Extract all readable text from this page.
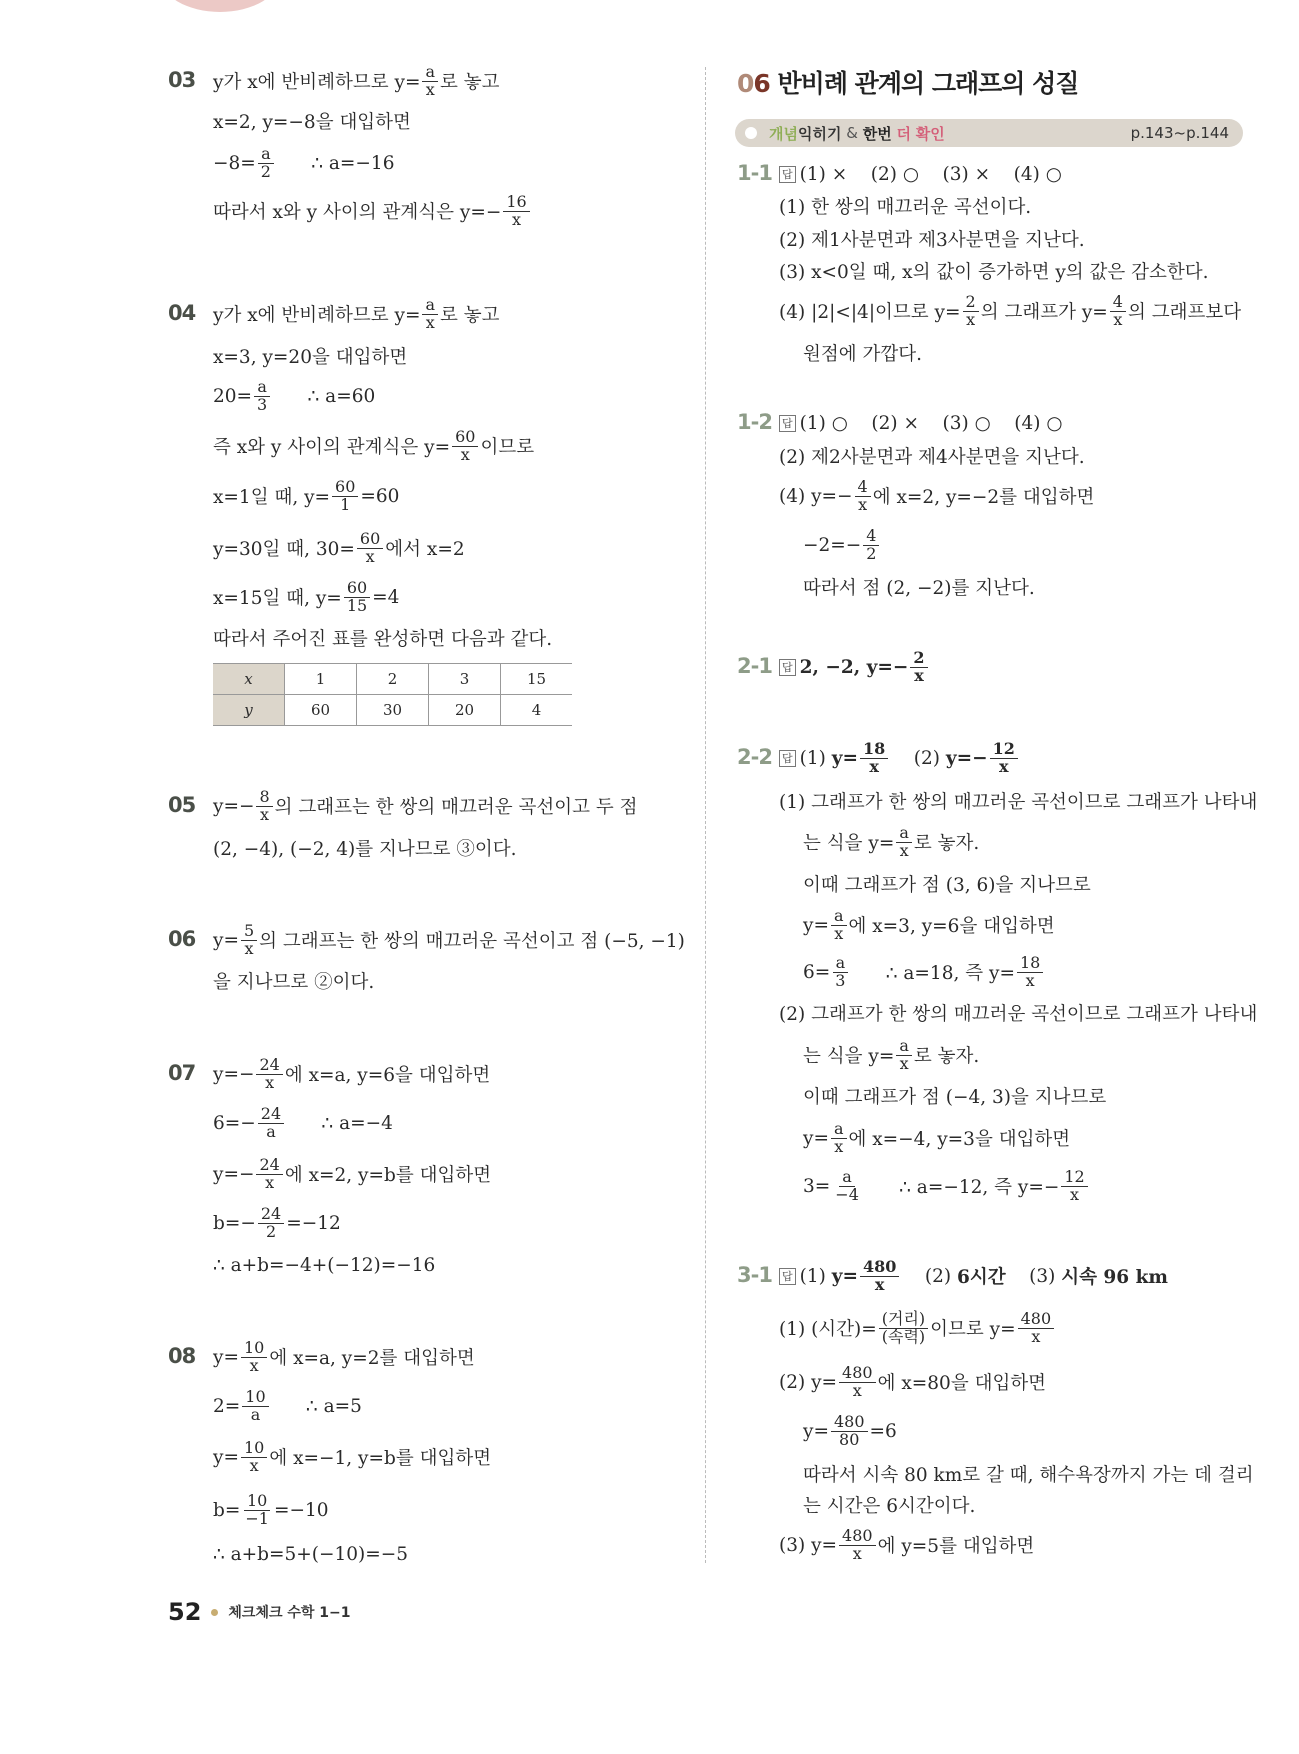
06 반비례 관계의 그래프의 성질
개념 익히기 & 한번
더
확인	p.143~p.144
03 y가 x에 반비례하므로 $y= \frac{a}{x}$ 로 놓고
x=2, y=−8을 대입하면
$-8= \frac{a}{2}$ ∴ a=−16
따라서 x와 y 사이의 관계식은 $y=- \frac{16}{x}$
04 y가 x에 반비례하므로 $y= \frac{a}{x}$ 로 놓고
x=3, y=20을 대입하면
$20= \frac{a}{3}$ ∴ a=60
즉 x와 y 사이의 관계식은 $y= \frac{60}{x}$ 이므로
x=1일 때, $y= \frac{60}{1} =60$
y=30일 때, $30= \frac{60}{x}$ 에서 x=2
x=15일 때, $y= \frac{60}{15} =4$
따라서 주어진 표를 완성하면 다음과 같다.
05 $y=- \frac{8}{x}$ 의 그래프는 한 쌍의 매끄러운 곡선이고 두 점
(2, −4), (−2, 4)를 지나므로 ③이다.
06 $y= \frac{5}{x}$ 의 그래프는 한 쌍의 매끄러운 곡선이고 점 (−5, −1)
을 지나므로 ②이다.
07 $y=- \frac{24}{x}$ 에 x=a, y=6을 대입하면
$6=- \frac{24}{a}$ ∴ a=−4
$y=- \frac{24}{x}$ 에 x=2, y=b를 대입하면
$b=- \frac{24}{2} =-12$
∴ a+b=−4+(−12)=−16
08 $y= \frac{10}{x}$ 에 x=a, y=2를 대입하면
$2= \frac{10}{a}$ ∴ a=5
$y= \frac{10}{x}$ 에 x=−1, y=b를 대입하면
$b= \frac{10}{-1} =-10$
∴ a+b=5+(−10)=−5
1-1 답 (1) ×    (2) ○    (3) ×    (4) ○
(1) 한 쌍의 매끄러운 곡선이다.
(2) 제1사분면과 제3사분면을 지난다.
(3) x<0일 때, x의 값이 증가하면 y의 값은 감소한다.
(4) |2|<|4|이므로 $y= \frac{2}{x}$ 의 그래프가 $y= \frac{4}{x}$ 의 그래프보다
원점에 가깝다.
1-2 답 (1) ○    (2) ×    (3) ○    (4) ○
(2) 제2사분면과 제4사분면을 지난다.
(4) $y=- \frac{4}{x}$ 에 x=2, y=−2를 대입하면
$-2=- \frac{4}{2}$
따라서 점 (2, −2)를 지난다.
2-1 답 2, −2, $y=- \frac{2}{x}$
2-2 답 (1) $y= \frac{18}{x} (2)$ $y=- \frac{12}{x}$
(1) 그래프가 한 쌍의 매끄러운 곡선이므로 그래프가 나타내
는 식을 $y= \frac{a}{x}$ 로 놓자.
이때 그래프가 점 (3, 6)을 지나므로
$y= \frac{a}{x}$ 에 x=3, y=6을 대입하면
$6= \frac{a}{3}$ ∴ a=18, 즉 $y= \frac{18}{x}$
(2) 그래프가 한 쌍의 매끄러운 곡선이므로 그래프가 나타내
는 식을 $y= \frac{a}{x}$ 로 놓자.
이때 그래프가 점 (−4, 3)을 지나므로
$y= \frac{a}{x}$ 에 x=−4, y=3을 대입하면
$3= \frac{a}{-4}$ ∴ a=−12, 즉 $y=- \frac{12}{x}$
3-1 답 (1) $y= \frac{480}{x} (2)$ 6시간 (3) 시속 96 km
(1) (시간)=
(거리)
(속력) 이므로 $y= \frac{480}{x}$
(2) $y= \frac{480}{x}$ 에 x=80을 대입하면
$y= \frac{480}{80} =6$
따라서 시속 80 km로 갈 때, 해수욕장까지 가는 데 걸리
는 시간은 6시간이다.
(3) $y= \frac{480}{x}$ 에 y=5를 대입하면
x	1	2	3	15
y	60	30	20	4
52 체크체크 수학 1−1
